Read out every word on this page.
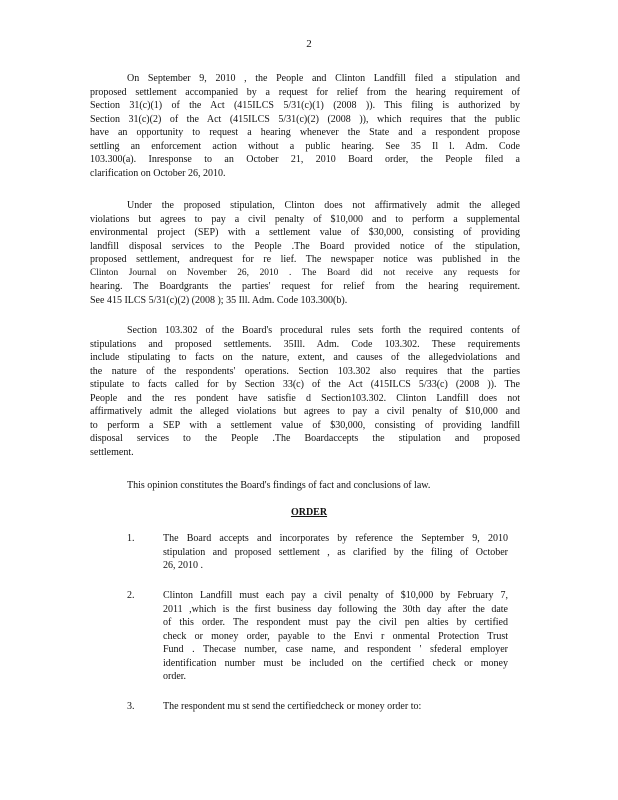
2
On September 9, 2010 , the People and Clinton Landfill filed a stipulation and
proposed settlement accompanied by a request for relief from the hearing requirement of
Section 31(c)(1) of the Act (415ILCS 5/31(c)(1) (2008 )). This filing is authorized by
Section 31(c)(2) of the Act (415ILCS 5/31(c)(2) (2008 )), which requires that the public
have an opportunity to request a hearing whenever the State and a respondent propose
settling an enforcement action without a public hearing. See 35 Il l. Adm. Code
103.300(a). Inresponse to an October 21, 2010 Board order, the People filed a
clarification on October 26, 2010.
Under the proposed stipulation, Clinton does not affirmatively admit the alleged
violations but agrees to pay a civil penalty of $10,000 and to perform a supplemental
environmental project (SEP) with a settlement value of $30,000, consisting of providing
landfill disposal services to the People .The Board provided notice of the stipulation,
proposed settlement, andrequest for re lief. The newspaper notice was published in the
Clinton Journal on November 26, 2010 . The Board did not receive any requests for
hearing. The Boardgrants the parties' request for relief from the hearing requirement.
See 415 ILCS 5/31(c)(2) (2008 ); 35 Ill. Adm. Code 103.300(b).
Section 103.302 of the Board's procedural rules sets forth the required contents of
stipulations and proposed settlements. 35Ill. Adm. Code 103.302. These requirements
include stipulating to facts on the nature, extent, and causes of the allegedviolations and
the nature of the respondents' operations. Section 103.302 also requires that the parties
stipulate to facts called for by Section 33(c) of the Act (415ILCS 5/33(c) (2008 )). The
People and the res pondent have satisfie d Section103.302. Clinton Landfill does not
affirmatively admit the alleged violations but agrees to pay a civil penalty of $10,000 and
to perform a SEP with a settlement value of $30,000, consisting of providing landfill
disposal services to the People .The Boardaccepts the stipulation and proposed
settlement.
This opinion constitutes the Board's findings of fact and conclusions of law.
ORDER
1.	The Board accepts and incorporates by reference the September 9, 2010
stipulation and proposed settlement , as clarified by the filing of October
26, 2010 .
2.	Clinton Landfill must each pay a civil penalty of $10,000 by February 7,
2011 ,which is the first business day following the 30th day after the date
of this order. The respondent must pay the civil pen alties by certified
check or money order, payable to the Envi r onmental Protection Trust
Fund . Thecase number, case name, and respondent ' sfederal employer
identification number must be included on the certified check or money
order.
3.	The respondent mu st send the certifiedcheck or money order to:
